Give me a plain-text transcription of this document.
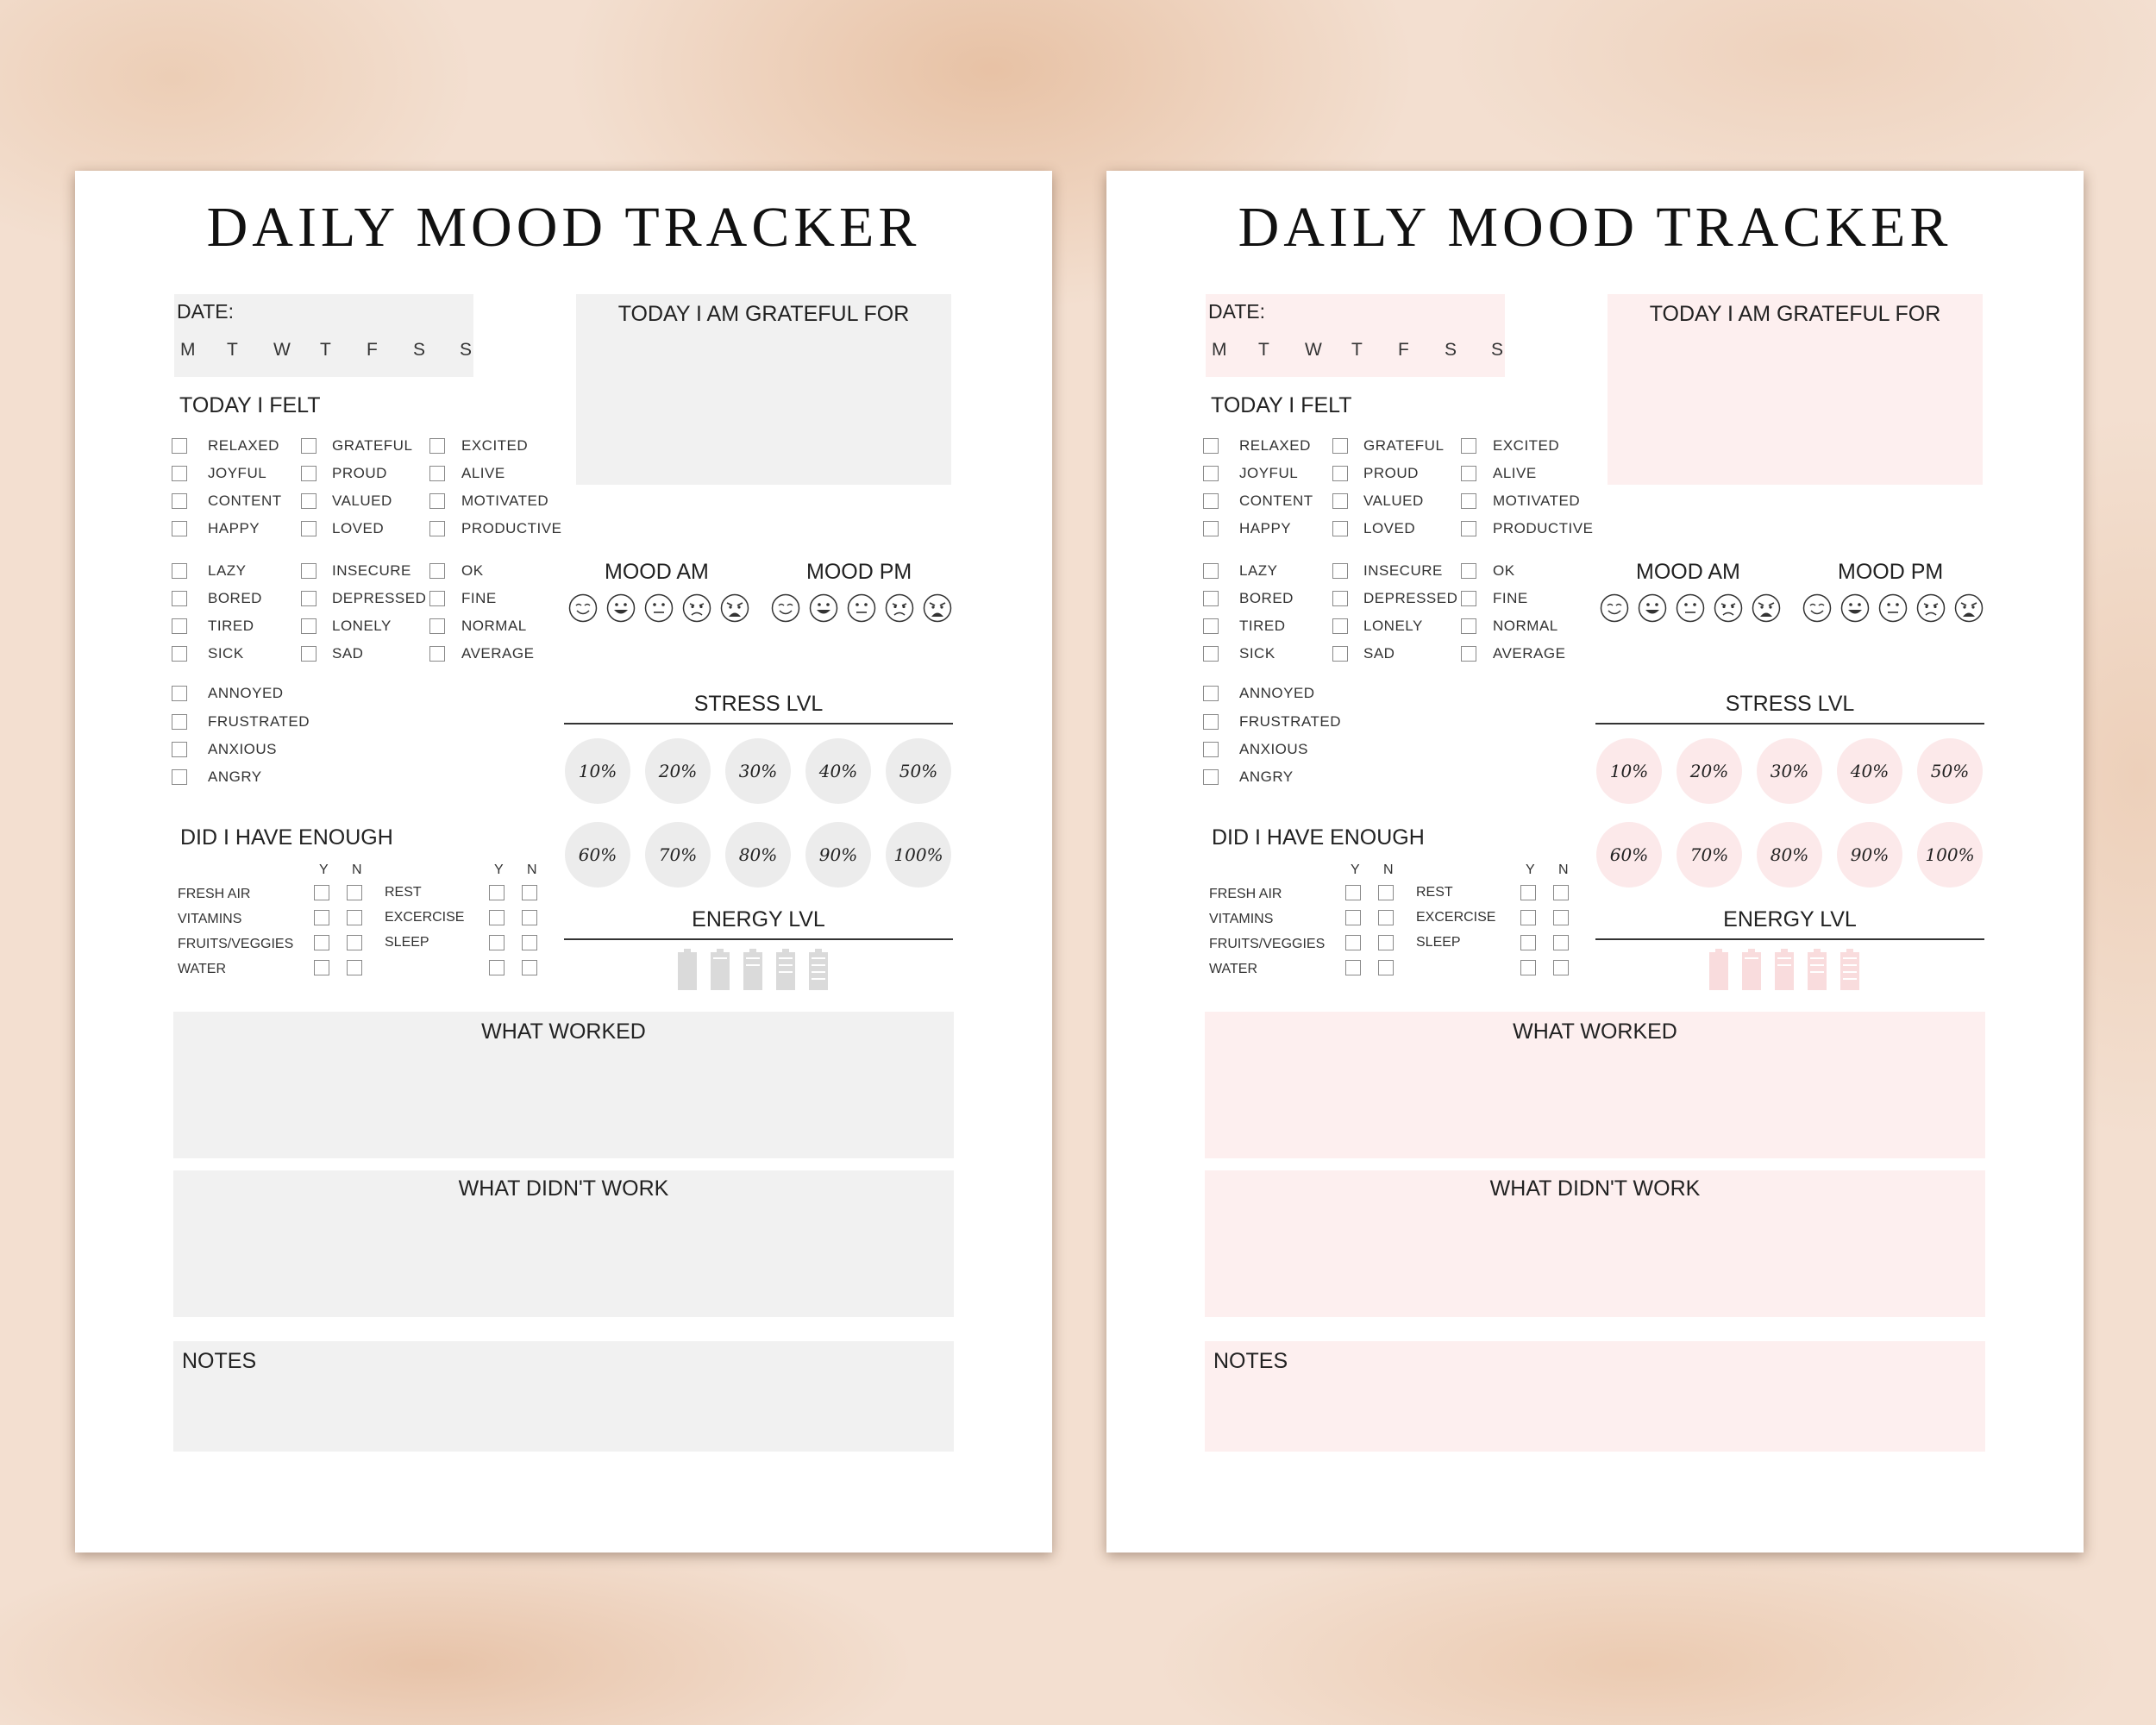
DAILY MOOD TRACKER
DATE:
M T W T F S S
TODAY I AM GRATEFUL FOR
TODAY I FELT
RELAXED
JOYFUL
CONTENT
HAPPY
GRATEFUL
PROUD
VALUED
LOVED
EXCITED
ALIVE
MOTIVATED
PRODUCTIVE
LAZY
BORED
TIRED
SICK
INSECURE
DEPRESSED
LONELY
SAD
OK
FINE
NORMAL
AVERAGE
ANNOYED
FRUSTRATED
ANXIOUS
ANGRY
MOOD AM	MOOD PM
STRESS LVL
10%	20%	30%	40%	50%
60%	70%	80%	90%	100%
DID I HAVE ENOUGH
Y N	Y N
FRESH AIR
VITAMINS
FRUITS/VEGGIES
WATER
REST
EXCERCISE
SLEEP
ENERGY LVL
WHAT WORKED
WHAT DIDN'T WORK
NOTES
DAILY MOOD TRACKER
DATE:
M T W T F S S
TODAY I AM GRATEFUL FOR
TODAY I FELT
RELAXED
JOYFUL
CONTENT
HAPPY
GRATEFUL
PROUD
VALUED
LOVED
EXCITED
ALIVE
MOTIVATED
PRODUCTIVE
LAZY
BORED
TIRED
SICK
INSECURE
DEPRESSED
LONELY
SAD
OK
FINE
NORMAL
AVERAGE
ANNOYED
FRUSTRATED
ANXIOUS
ANGRY
MOOD AM	MOOD PM
STRESS LVL
10%	20%	30%	40%	50%
60%	70%	80%	90%	100%
DID I HAVE ENOUGH
Y N	Y N
FRESH AIR
VITAMINS
FRUITS/VEGGIES
WATER
REST
EXCERCISE
SLEEP
ENERGY LVL
WHAT WORKED
WHAT DIDN'T WORK
NOTES
